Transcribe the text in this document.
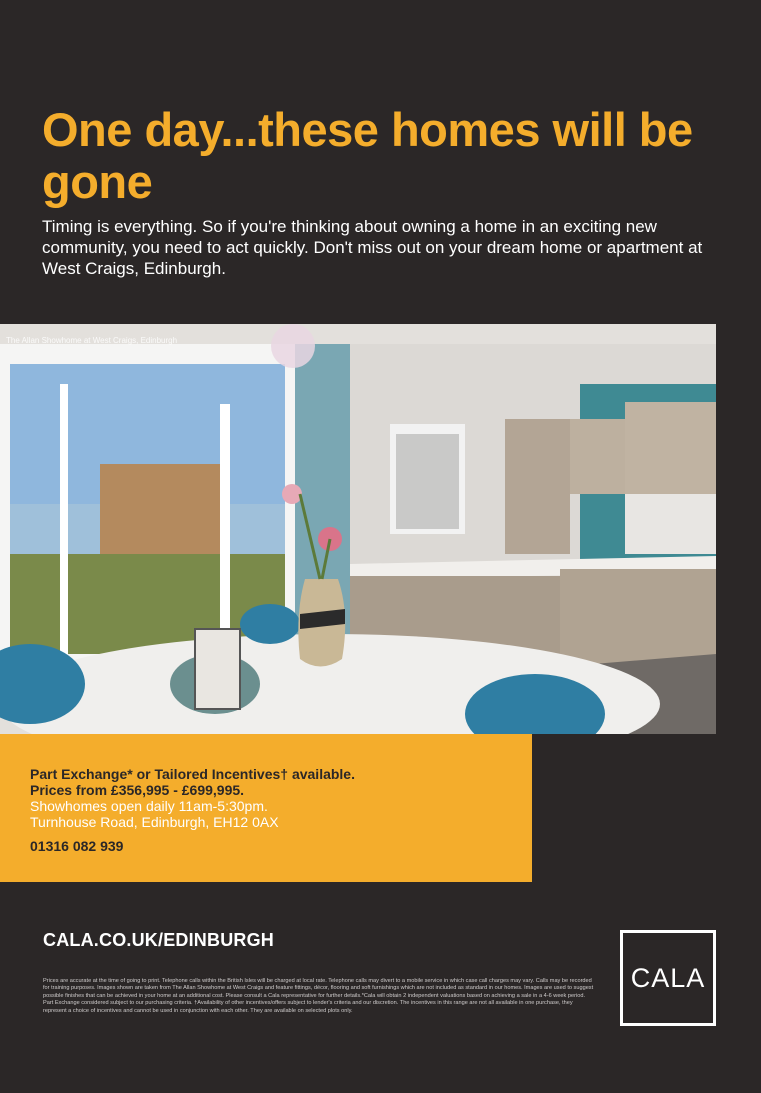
One day...these homes will be gone
Timing is everything. So if you're thinking about owning a home in an exciting new community, you need to act quickly. Don't miss out on your dream home or apartment at West Craigs, Edinburgh.
The Allan Showhome at West Craigs, Edinburgh
Part Exchange* or Tailored Incentives† available.
Prices from £356,995 - £699,995.
Showhomes open daily 11am-5:30pm.
Turnhouse Road, Edinburgh, EH12 0AX
01316 082 939
CALA.CO.UK/EDINBURGH
CALA
Prices are accurate at the time of going to print. Telephone calls within the British Isles will be charged at local rate. Telephone calls may divert to a mobile service in which case call charges may vary. Calls may be recorded for training purposes. Images shown are taken from The Allan Showhome at West Craigs and feature fittings, décor, flooring and soft furnishings which are not included as standard in our homes. Images are used to suggest possible finishes that can be achieved in your home at an additional cost. Please consult a Cala representative for further details.*Cala will obtain 2 independent valuations based on achieving a sale in a 4-6 week period. Part Exchange considered subject to our purchasing criteria. †Availability of other incentives/offers subject to lender's criteria and our discretion. The incentives in this range are not all available in one purchase, they represent a choice of incentives and cannot be used in conjunction with each other. They are available on selected plots only.
